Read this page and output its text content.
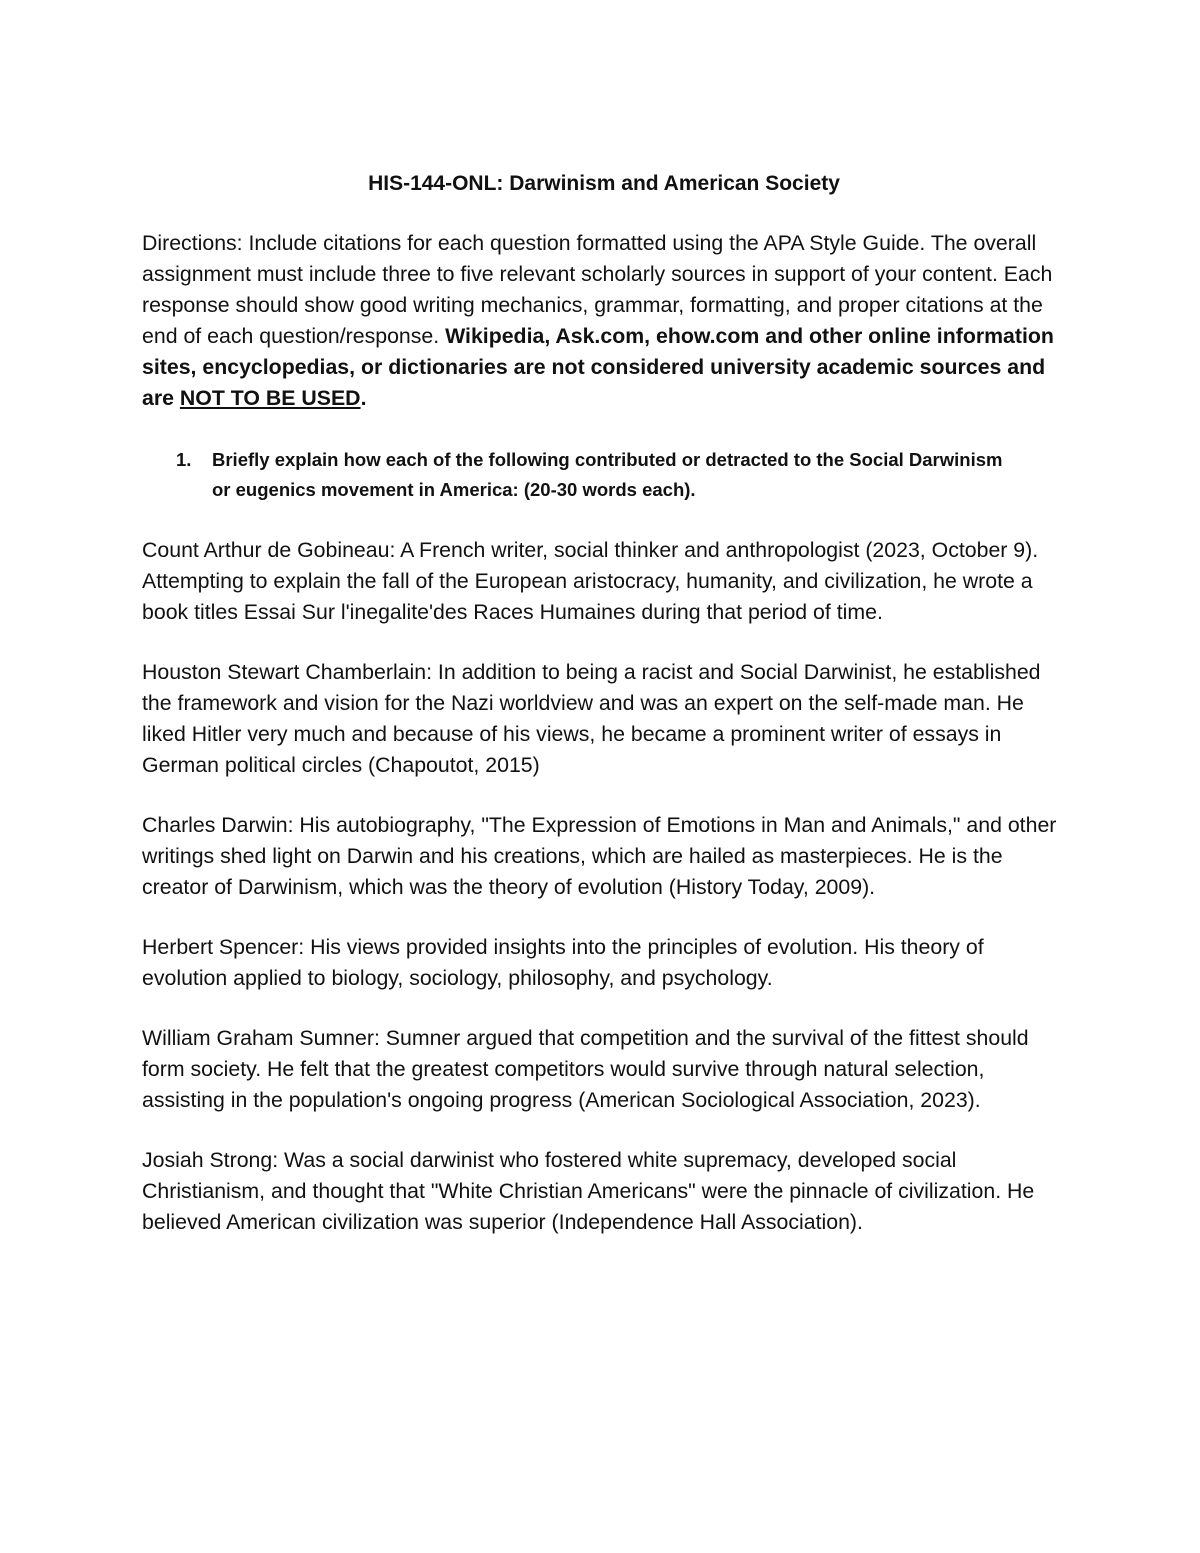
HIS-144-ONL: Darwinism and American Society

Directions: Include citations for each question formatted using the APA Style Guide. The overall assignment must include three to five relevant scholarly sources in support of your content. Each response should show good writing mechanics, grammar, formatting, and proper citations at the end of each question/response. Wikipedia, Ask.com, ehow.com and other online information sites, encyclopedias, or dictionaries are not considered university academic sources and are NOT TO BE USED.

1.	Briefly explain how each of the following contributed or detracted to the Social Darwinism or eugenics movement in America: (20-30 words each).

Count Arthur de Gobineau: A French writer, social thinker and anthropologist (2023, October 9). Attempting to explain the fall of the European aristocracy, humanity, and civilization, he wrote a book titles Essai Sur l'inegalite'des Races Humaines during that period of time.

Houston Stewart Chamberlain: In addition to being a racist and Social Darwinist, he established the framework and vision for the Nazi worldview and was an expert on the self-made man. He liked Hitler very much and because of his views, he became a prominent writer of essays in German political circles (Chapoutot, 2015)

Charles Darwin: His autobiography, "The Expression of Emotions in Man and Animals," and other writings shed light on Darwin and his creations, which are hailed as masterpieces. He is the creator of Darwinism, which was the theory of evolution (History Today, 2009).

Herbert Spencer: His views provided insights into the principles of evolution. His theory of evolution applied to biology, sociology, philosophy, and psychology.

William Graham Sumner: Sumner argued that competition and the survival of the fittest should form society. He felt that the greatest competitors would survive through natural selection, assisting in the population's ongoing progress (American Sociological Association, 2023).

Josiah Strong: Was a social darwinist who fostered white supremacy, developed social Christianism, and thought that "White Christian Americans" were the pinnacle of civilization. He believed American civilization was superior (Independence Hall Association).
